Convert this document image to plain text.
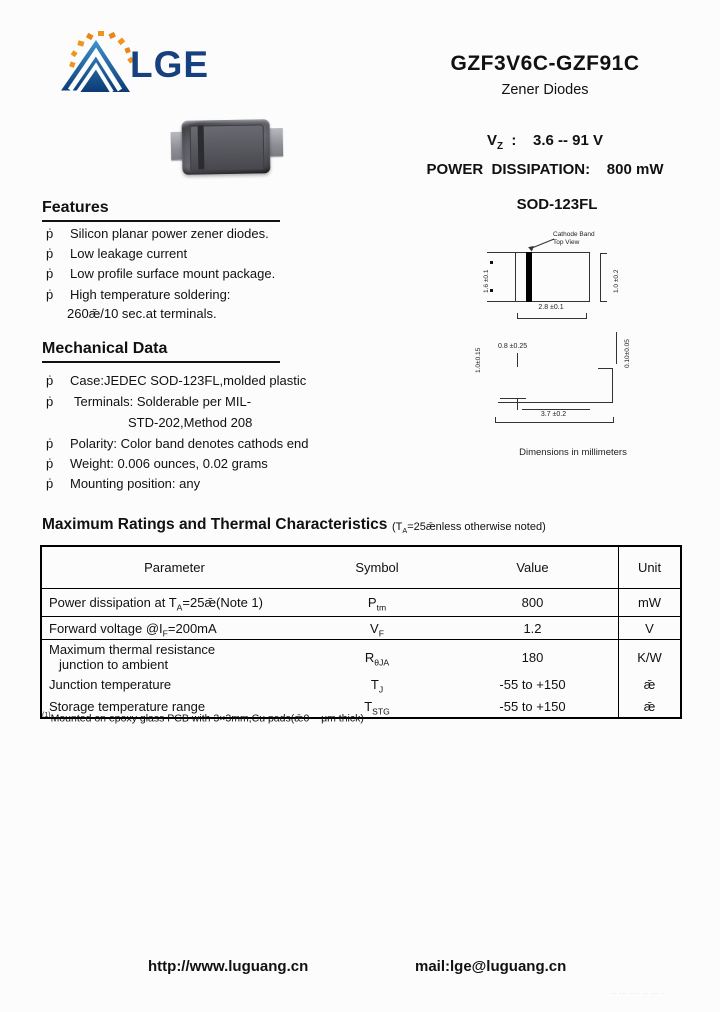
LGE	GZF3V6C-GZF91C
Zener Diodes
$V_Z$  :    3.6 -- 91 V
POWER  DISSIPATION:    800 mW
Features
ṗ Silicon planar power zener diodes.
ṗ Low leakage current
ṗ Low profile surface mount package.
ṗ High temperature soldering:
260ǣ/10 sec.at terminals.
Mechanical Data
ṗ Case:JEDEC SOD-123FL,molded plastic
ṗ Terminals: Solderable per MIL-
STD-202,Method 208
ṗ Polarity: Color band denotes cathods end
ṗ Weight: 0.006 ounces, 0.02 grams
ṗ Mounting position: any
SOD-123FL
Cathode Band
Top View
1.6 ±0.1	1.0 ±0.2
2.8 ±0.1
0.8 ±0.25
1.0±0.15	0.10±0.05
3.7 ±0.2
Dimensions in millimeters
Maximum Ratings and Thermal Characteristics ($T_A=25ǣnless$ otherwise noted)
Parameter	Symbol	Value	Unit
Power dissipation at $T_A=25ǣ(Note$ 1)	$P_{tm}$	800	mW
Forward voltage $@I_F=200mA$	$V_F$	1.2	V
Maximum thermal resistance
junction to ambient	$R_{\theta JA}$	180	K/W
Junction temperature	$T_J$	-55 to +150	ǣ
Storage temperature range	$T_{STG}$	-55 to +150	ǣ
$^{(1)}$Mounted on epoxy glass PCB with 3×3mm,Cu pads(ǣ0    μm thick)
http://www.luguang.cn	mail:lge@luguang.cn
·· ··· ···· ·· ··· ·
